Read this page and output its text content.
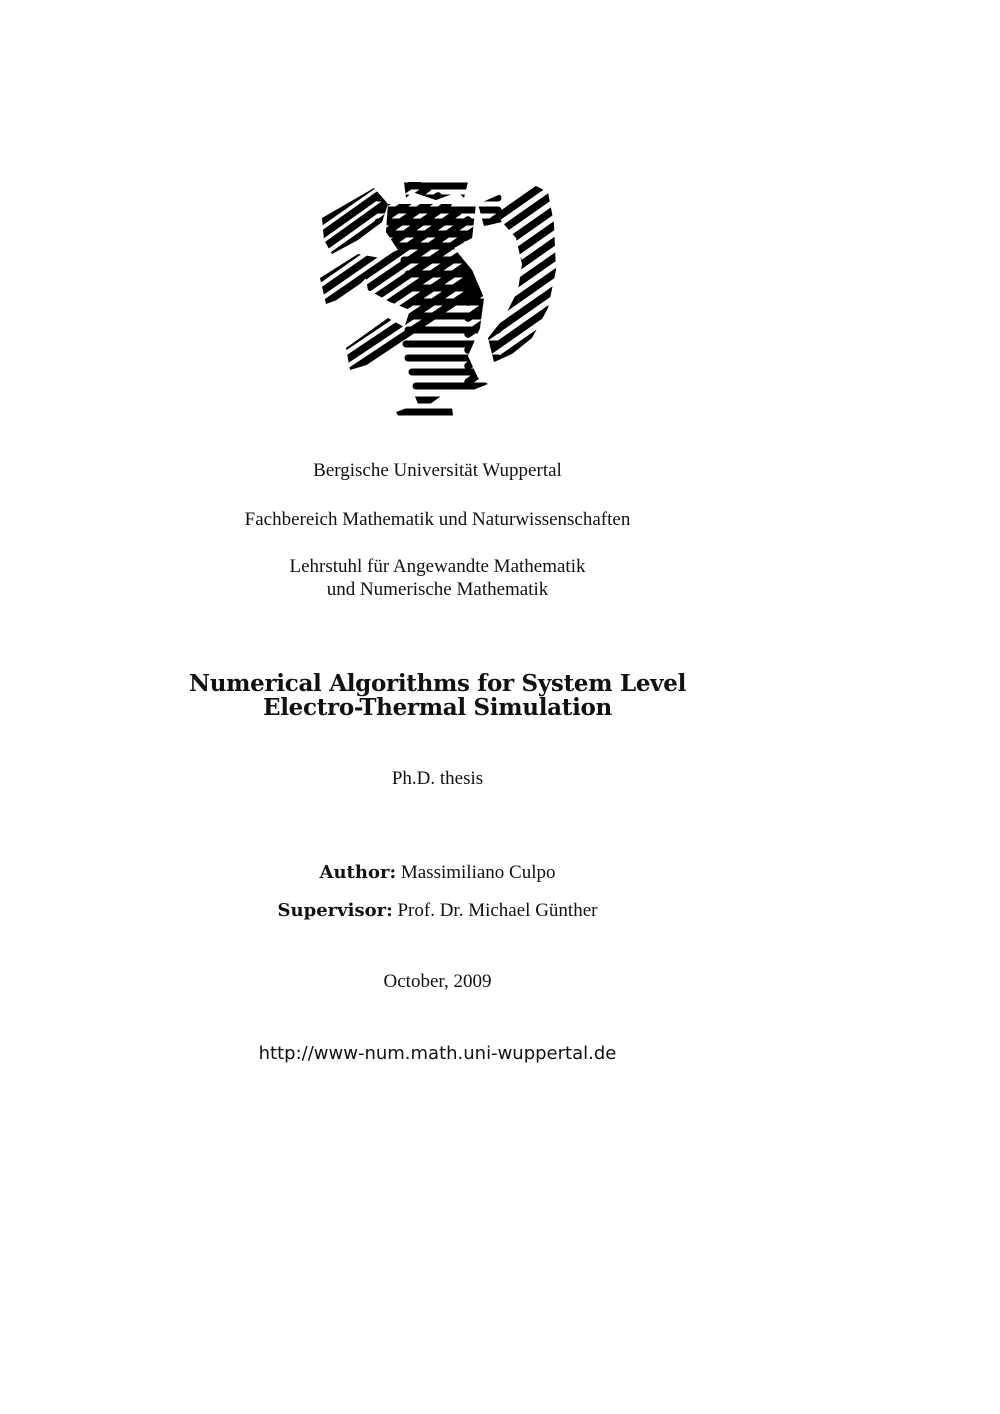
Bergische Universität Wuppertal
Fachbereich Mathematik und Naturwissenschaften
Lehrstuhl für Angewandte Mathematik
und Numerische Mathematik
Numerical Algorithms for System Level
Electro-Thermal Simulation
Ph.D. thesis
Author: Massimiliano Culpo
Supervisor: Prof. Dr. Michael Günther
October, 2009
http://www-num.math.uni-wuppertal.de
